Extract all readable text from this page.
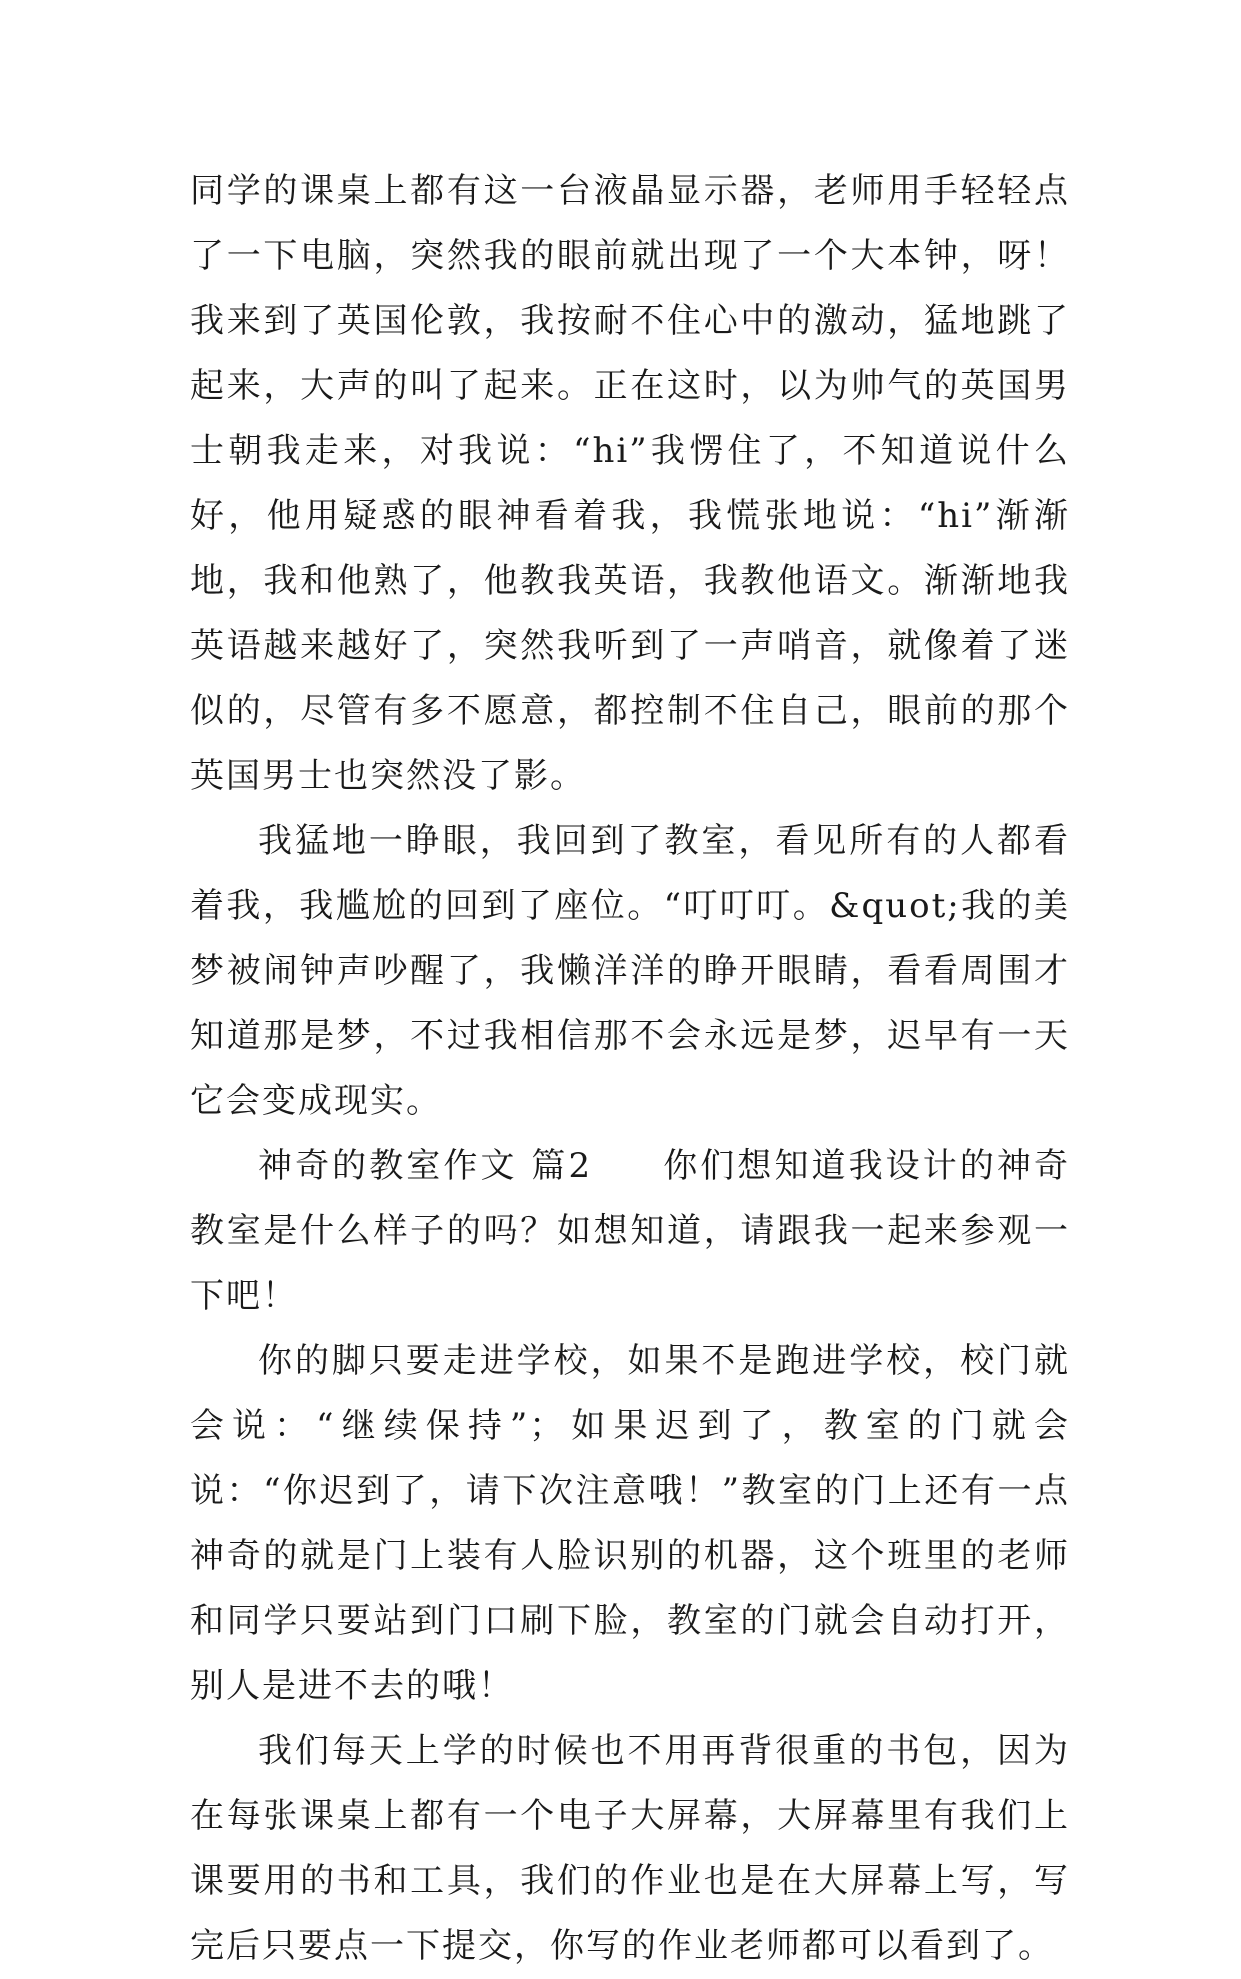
同学的课桌上都有这一台液晶显示器，老师用手轻轻点了一下电脑，突然我的眼前就出现了一个大本钟，呀！我来到了英国伦敦，我按耐不住心中的激动，猛地跳了起来，大声的叫了起来。正在这时，以为帅气的英国男士朝我走来，对我说：“hi”我愣住了，不知道说什么好，他用疑惑的眼神看着我，我慌张地说：“hi”渐渐地，我和他熟了，他教我英语，我教他语文。渐渐地我英语越来越好了，突然我听到了一声哨音，就像着了迷似的，尽管有多不愿意，都控制不住自己，眼前的那个英国男士也突然没了影。

我猛地一睁眼，我回到了教室，看见所有的人都看着我，我尴尬的回到了座位。“叮叮叮。&quot;我的美梦被闹钟声吵醒了，我懒洋洋的睁开眼睛，看看周围才知道那是梦，不过我相信那不会永远是梦，迟早有一天它会变成现实。

神奇的教室作文 篇2 你们想知道我设计的神奇教室是什么样子的吗？如想知道，请跟我一起来参观一下吧！

你的脚只要走进学校，如果不是跑进学校，校门就会说：“继续保持”；如果迟到了，教室的门就会说：“你迟到了，请下次注意哦！”教室的门上还有一点神奇的就是门上装有人脸识别的机器，这个班里的老师和同学只要站到门口刷下脸，教室的门就会自动打开，别人是进不去的哦！

我们每天上学的时候也不用再背很重的书包，因为在每张课桌上都有一个电子大屏幕，大屏幕里有我们上课要用的书和工具，我们的作业也是在大屏幕上写，写完后只要点一下提交，你写的作业老师都可以看到了。
